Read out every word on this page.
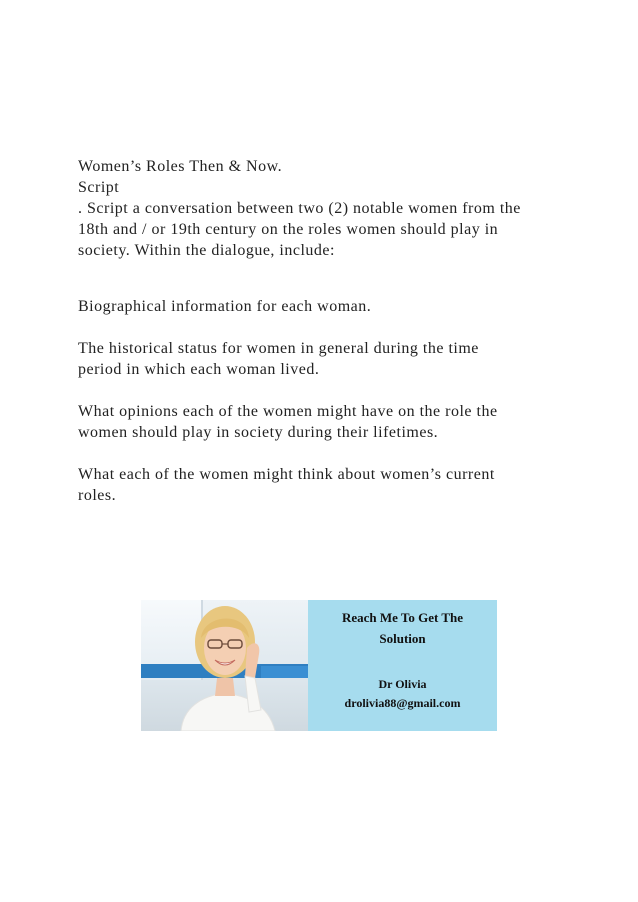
Women’s Roles Then & Now.
Script
. Script a conversation between two (2) notable women from the
18th and / or 19th century on the roles women should play in
society. Within the dialogue, include:
Biographical information for each woman.
The historical status for women in general during the time
period in which each woman lived.
What opinions each of the women might have on the role the
women should play in society during their lifetimes.
What each of the women might think about women’s current
roles.
Reach Me To Get The
Solution
Dr Olivia
drolivia88@gmail.com
